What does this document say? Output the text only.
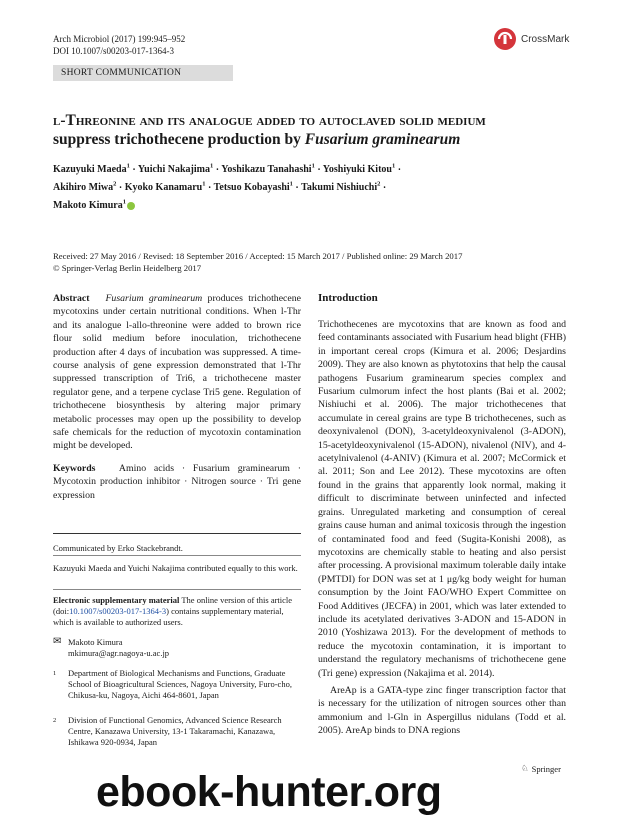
Arch Microbiol (2017) 199:945–952
DOI 10.1007/s00203-017-1364-3
CrossMark
SHORT COMMUNICATION
l-Threonine and its analogue added to autoclaved solid medium
suppress trichothecene production by Fusarium graminearum
Kazuyuki Maeda$^1$ · Yuichi Nakajima$^1$ · Yoshikazu Tanahashi$^1$ · Yoshiyuki Kitou$^1$ ·
Akihiro Miwa$^2$ · Kyoko Kanamaru$^1$ · Tetsuo Kobayashi$^1$ · Takumi Nishiuchi$^2$ ·
Makoto Kimura$^1$
Received: 27 May 2016 / Revised: 18 September 2016 / Accepted: 15 March 2017 / Published online: 29 March 2017
© Springer-Verlag Berlin Heidelberg 2017
Abstract Fusarium graminearum produces trichothecene mycotoxins under certain nutritional conditions. When l-Thr and its analogue l-allo-threonine were added to brown rice flour solid medium before inoculation, trichothecene production after 4 days of incubation was suppressed. A time-course analysis of gene expression demonstrated that l-Thr suppressed transcription of Tri6, a trichothecene master regulator gene, and a terpene cyclase Tri5 gene. Regulation of trichothecene biosynthesis by altering major primary metabolic processes may open up the possibility to develop safe chemicals for the reduction of mycotoxin contamination might be developed.
Keywords Amino acids · Fusarium graminearum · Mycotoxin production inhibitor · Nitrogen source · Tri gene expression
Communicated by Erko Stackebrandt.
Kazuyuki Maeda and Yuichi Nakajima contributed equally to this work.
Electronic supplementary material The online version of this article (doi:10.1007/s00203-017-1364-3) contains supplementary material, which is available to authorized users.
✉ Makoto Kimura
mkimura@agr.nagoya-u.ac.jp
1 Department of Biological Mechanisms and Functions, Graduate School of Bioagricultural Sciences, Nagoya University, Furo-cho, Chikusa-ku, Nagoya, Aichi 464-8601, Japan
2 Division of Functional Genomics, Advanced Science Research Centre, Kanazawa University, 13-1 Takaramachi, Kanazawa, Ishikawa 920-0934, Japan
Introduction

Trichothecenes are mycotoxins that are known as food and feed contaminants associated with Fusarium head blight (FHB) in important cereal crops (Kimura et al. 2006; Desjardins 2009). They are also known as phytotoxins that help the causal pathogens Fusarium graminearum species complex and Fusarium culmorum infect the host plants (Bai et al. 2002; Nishiuchi et al. 2006). The major trichothecenes that accumulate in cereal grains are type B trichothecenes, such as deoxynivalenol (DON), 3-acetyldeoxynivalenol (3-ADON), 15-acetyldeoxynivalenol (15-ADON), nivalenol (NIV), and 4-acetylnivalenol (4-ANIV) (Kimura et al. 2007; McCormick et al. 2011; Son and Lee 2012). These mycotoxins are often found in the grains that apparently look normal, making it difficult to discriminate between uninfected and infected grains. Unregulated marketing and consumption of cereal grains cause human and animal toxicosis through the ingestion of contaminated food and feed (Sugita-Konishi 2008), as mycotoxins are chemically stable to heating and also persist after processing. A provisional maximum tolerable daily intake (PMTDI) for DON was set at 1 μg/kg body weight for human consumption by the Joint FAO/WHO Expert Committee on Food Additives (JECFA) in 2001, which was later extended to include its acetylated derivatives 3-ADON and 15-ADON in 2010 (Yoshizawa 2013). For the development of methods to reduce the mycotoxin contamination, it is important to understand the regulatory mechanisms of trichothecene gene (Tri gene) expression (Nakajima et al. 2014).

AreAp is a GATA-type zinc finger transcription factor that is necessary for the utilization of nitrogen sources other than ammonium and l-Gln in Aspergillus nidulans (Todd et al. 2005). AreAp binds to DNA regions

♘ Springer
ebook-hunter.org
